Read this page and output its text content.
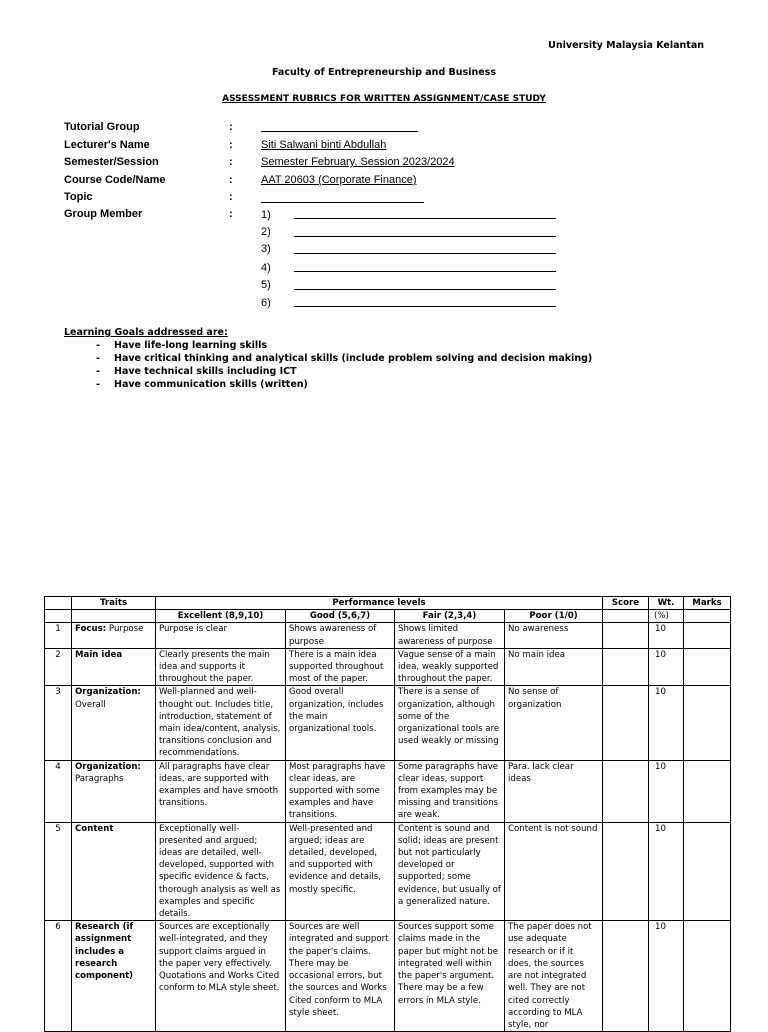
University Malaysia Kelantan
Faculty of Entrepreneurship and Business
ASSESSMENT RUBRICS FOR WRITTEN ASSIGNMENT/CASE STUDY
Tutorial Group	:
Lecturer's Name	:	Siti Salwani binti Abdullah
Semester/Session	:	Semester February, Session 2023/2024
Course Code/Name	:	AAT 20603 (Corporate Finance)
Topic	:
Group Member	:	1)
2)
3)
4)
5)
6)
Learning Goals addressed are:
- Have life-long learning skills
- Have critical thinking and analytical skills (include problem solving and decision making)
- Have technical skills including ICT
- Have communication skills (written)
	Traits	Performance levels				Score	Wt.	Marks
		Excellent (8,9,10)	Good (5,6,7)	Fair (2,3,4)	Poor (1/0)		(%)	
1	Focus: Purpose	Purpose is clear	Shows awareness of purpose	Shows limited awareness of purpose	No awareness		10	
2	Main idea	Clearly presents the main idea and supports it throughout the paper.	There is a main idea supported throughout most of the paper.	Vague sense of a main idea, weakly supported throughout the paper.	No main idea		10	
3	Organization: Overall	Well-planned and well-thought out. Includes title, introduction, statement of main idea/content, analysis, transitions conclusion and recommendations.	Good overall organization, includes the main organizational tools.	There is a sense of organization, although some of the organizational tools are used weakly or missing	No sense of organization		10	
4	Organization: Paragraphs	All paragraphs have clear ideas, are supported with examples and have smooth transitions.	Most paragraphs have clear ideas, are supported with some examples and have transitions.	Some paragraphs have clear ideas, support from examples may be missing and transitions are weak.	Para. lack clear ideas		10	
5	Content	Exceptionally well-presented and argued; ideas are detailed, well-developed, supported with specific evidence & facts, thorough analysis as well as examples and specific details.	Well-presented and argued; ideas are detailed, developed, and supported with evidence and details, mostly specific.	Content is sound and solid; ideas are present but not particularly developed or supported; some evidence, but usually of a generalized nature.	Content is not sound		10	
6	Research (if assignment includes a research component)	Sources are exceptionally well-integrated, and they support claims argued in the paper very effectively. Quotations and Works Cited conform to MLA style sheet.	Sources are well integrated and support the paper's claims. There may be occasional errors, but the sources and Works Cited conform to MLA style sheet.	Sources support some claims made in the paper but might not be integrated well within the paper's argument. There may be a few errors in MLA style.	The paper does not use adequate research or if it does, the sources are not integrated well. They are not cited correctly according to MLA style, nor		10	
